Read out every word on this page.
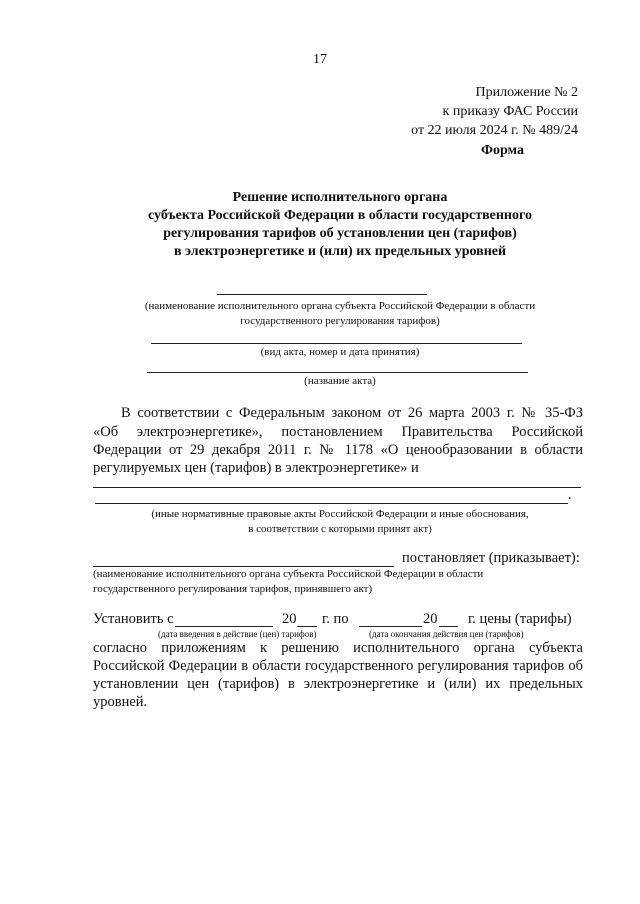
17
Приложение № 2
к приказу ФАС России
от 22 июля 2024 г. № 489/24
Форма
Решение исполнительного органа
субъекта Российской Федерации в области государственного
регулирования тарифов об установлении цен (тарифов)
в электроэнергетике и (или) их предельных уровней
(наименование исполнительного органа субъекта Российской Федерации в области
государственного регулирования тарифов)
(вид акта, номер и дата принятия)
(название акта)
В соответствии с Федеральным законом от 26 марта 2003 г. № 35-ФЗ
«Об электроэнергетике», постановлением Правительства Российской
Федерации от 29 декабря 2011 г. № 1178 «О ценообразовании в области
регулируемых цен (тарифов) в электроэнергетике» и
.
(иные нормативные правовые акты Российской Федерации и иные обоснования,
в соответствии с которыми принят акт)
постановляет (приказывает):
(наименование исполнительного органа субъекта Российской Федерации в области
государственного регулирования тарифов, принявшего акт)
Установить с	20 г. по	20 г. цены (тарифы)
(дата введения в действие (цен) тарифов)	(дата окончания действия цен (тарифов)
согласно приложениям к решению исполнительного органа субъекта
Российской Федерации в области государственного регулирования тарифов об
установлении цен (тарифов) в электроэнергетике и (или) их предельных
уровней.
